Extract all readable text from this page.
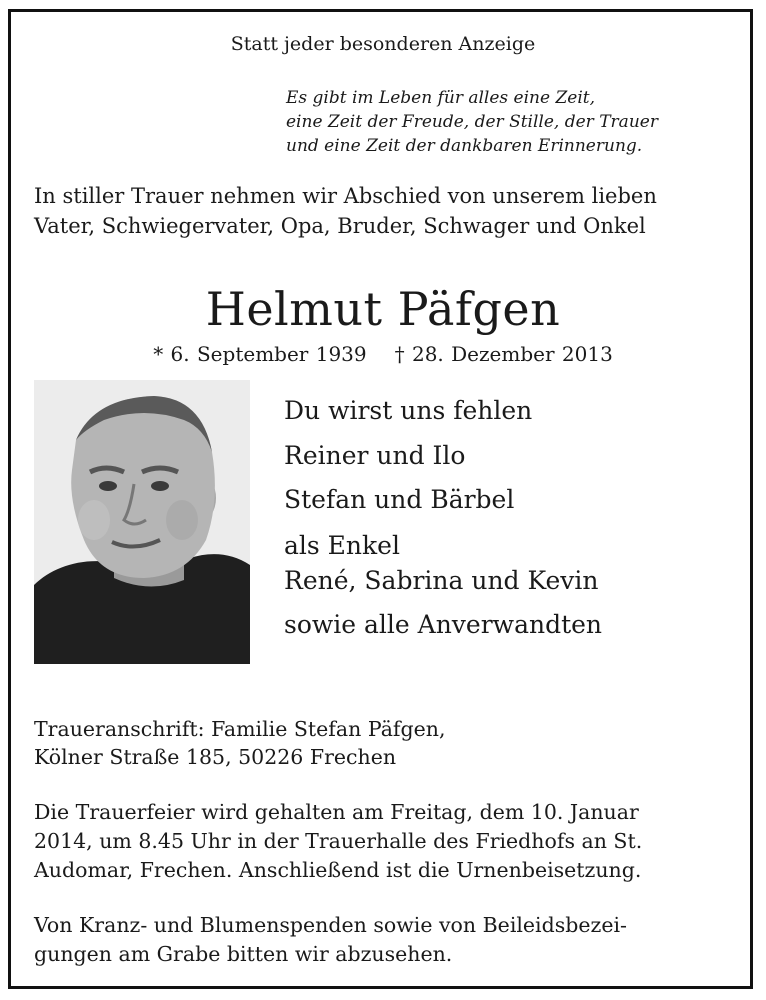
Statt jeder besonderen Anzeige

Es gibt im Leben für alles eine Zeit,

eine Zeit der Freude, der Stille, der Trauer

und eine Zeit der dankbaren Erinnerung.

In stiller Trauer nehmen wir Abschied von unserem lieben

Vater, Schwiegervater, Opa, Bruder, Schwager und Onkel

Helmut Päfgen

* 6. September 1939 † 28. Dezember 2013

Du wirst uns fehlen

Reiner und Ilo

Stefan und Bärbel

als Enkel

René, Sabrina und Kevin

sowie alle Anverwandten

Traueranschrift: Familie Stefan Päfgen,

Kölner Straße 185, 50226 Frechen

Die Trauerfeier wird gehalten am Freitag, dem 10. Januar

2014, um 8.45 Uhr in der Trauerhalle des Friedhofs an St.

Audomar, Frechen. Anschließend ist die Urnenbeisetzung.

Von Kranz- und Blumenspenden sowie von Beileidsbezei-

gungen am Grabe bitten wir abzusehen.
